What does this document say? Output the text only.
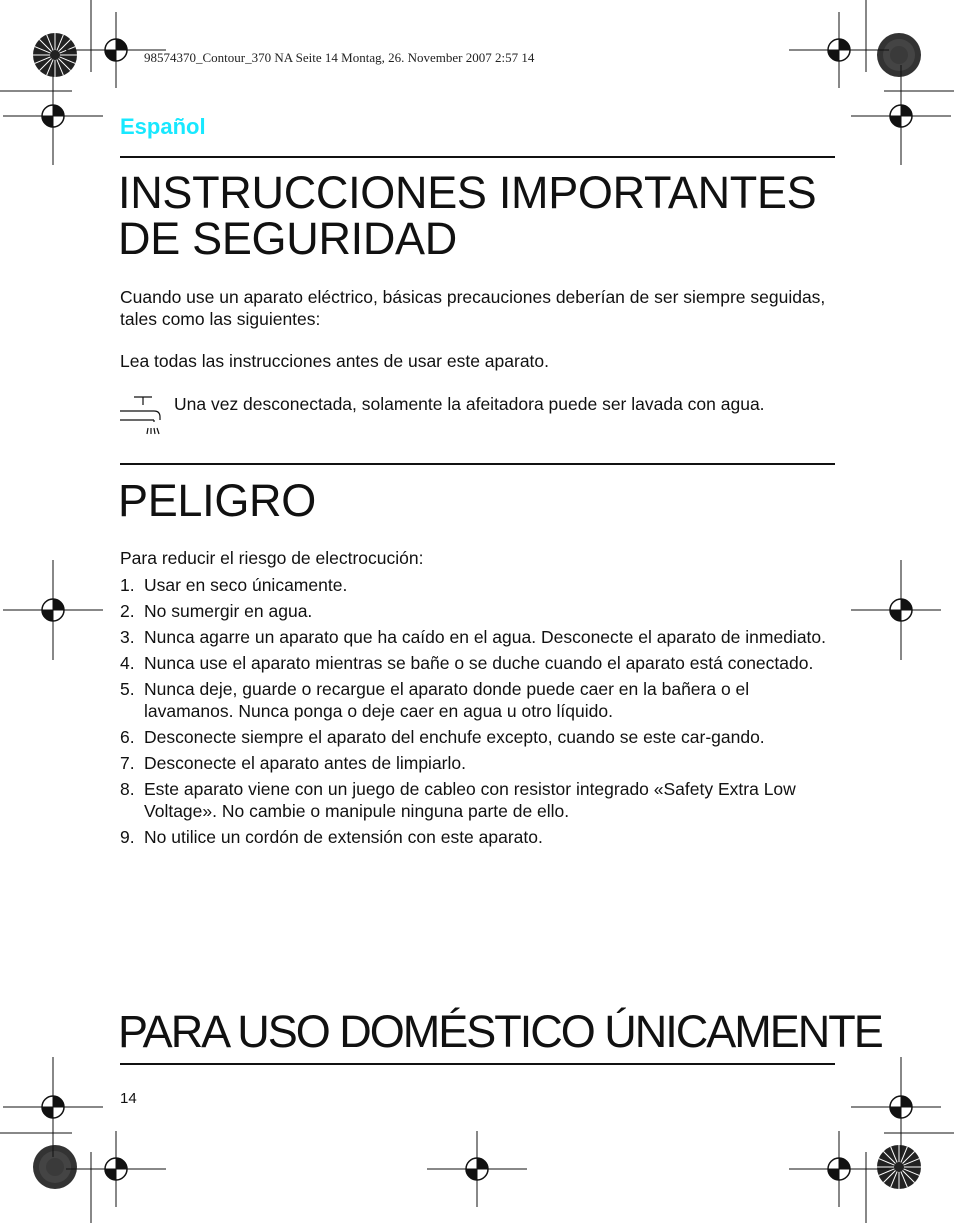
98574370_Contour_370 NA Seite 14 Montag, 26. November 2007 2:57 14
Español
INSTRUCCIONES IMPORTANTES
DE SEGURIDAD

Cuando use un aparato eléctrico, básicas precauciones deberían de ser siempre seguidas, tales como las siguientes:

Lea todas las instrucciones antes de usar este aparato.

Una vez desconectada, solamente la afeitadora puede ser lavada con agua.
PELIGRO

Para reducir el riesgo de electrocución:

1. Usar en seco únicamente.
2. No sumergir en agua.
3. Nunca agarre un aparato que ha caído en el agua. Desconecte el aparato de inmediato.
4. Nunca use el aparato mientras se bañe o se duche cuando el aparato está conectado.
5. Nunca deje, guarde o recargue el aparato donde puede caer en la bañera o el lavamanos. Nunca ponga o deje caer en agua u otro líquido.
6. Desconecte siempre el aparato del enchufe excepto, cuando se este car-gando.
7. Desconecte el aparato antes de limpiarlo.
8. Este aparato viene con un juego de cableo con resistor integrado «Safety Extra Low Voltage». No cambie o manipule ninguna parte de ello.
9. No utilice un cordón de extensión con este aparato.
PARA USO DOMÉSTICO ÚNICAMENTE
14
